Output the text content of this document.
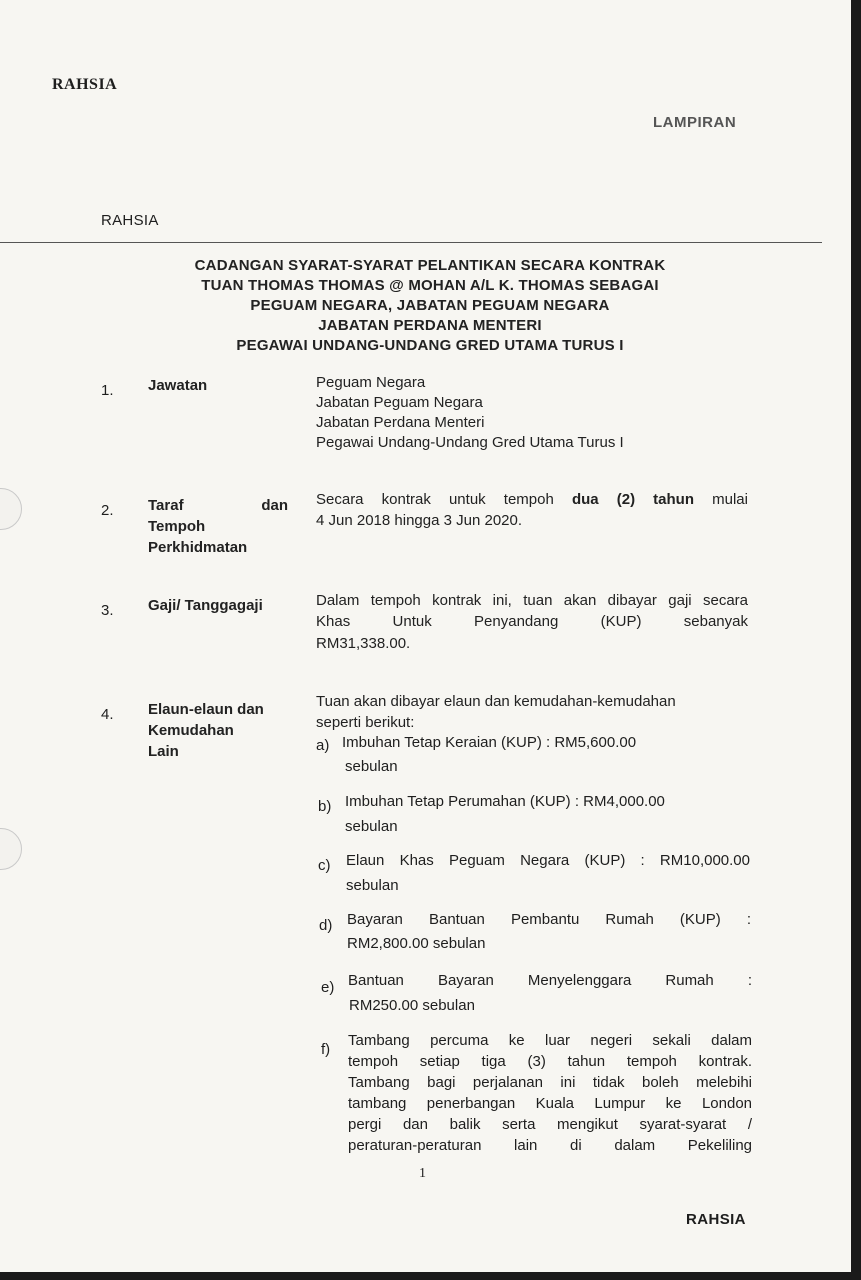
RAHSIA
LAMPIRAN
RAHSIA
CADANGAN SYARAT-SYARAT PELANTIKAN SECARA KONTRAK
TUAN THOMAS THOMAS @ MOHAN A/L K. THOMAS SEBAGAI
PEGUAM NEGARA, JABATAN PEGUAM NEGARA
JABATAN PERDANA MENTERI
PEGAWAI UNDANG-UNDANG GRED UTAMA TURUS I
1. Jawatan	Peguam Negara
Jabatan Peguam Negara
Jabatan Perdana Menteri
Pegawai Undang-Undang Gred Utama Turus I
2. Taraf dan
Tempoh
Perkhidmatan
Secara kontrak untuk tempoh dua (2) tahun mulai
4 Jun 2018 hingga 3 Jun 2020.
3. Gaji/ Tanggagaji	Dalam tempoh kontrak ini, tuan akan dibayar gaji secara
Khas Untuk Penyandang (KUP) sebanyak
RM31,338.00.
4. Elaun-elaun dan
Kemudahan
Lain
Tuan akan dibayar elaun dan kemudahan-kemudahan
seperti berikut:
a) Imbuhan Tetap Keraian (KUP) : RM5,600.00
sebulan
b) Imbuhan Tetap Perumahan (KUP) : RM4,000.00
sebulan
c) Elaun Khas Peguam Negara (KUP) : RM10,000.00
sebulan
d) Bayaran Bantuan Pembantu Rumah (KUP) :
RM2,800.00 sebulan
e) Bantuan Bayaran Menyelenggara Rumah :
RM250.00 sebulan
f)
Tambang percuma ke luar negeri sekali dalam
tempoh setiap tiga (3) tahun tempoh kontrak.
Tambang bagi perjalanan ini tidak boleh melebihi
tambang penerbangan Kuala Lumpur ke London
pergi dan balik serta mengikut syarat-syarat /
peraturan-peraturan lain di dalam Pekeliling
1
RAHSIA
